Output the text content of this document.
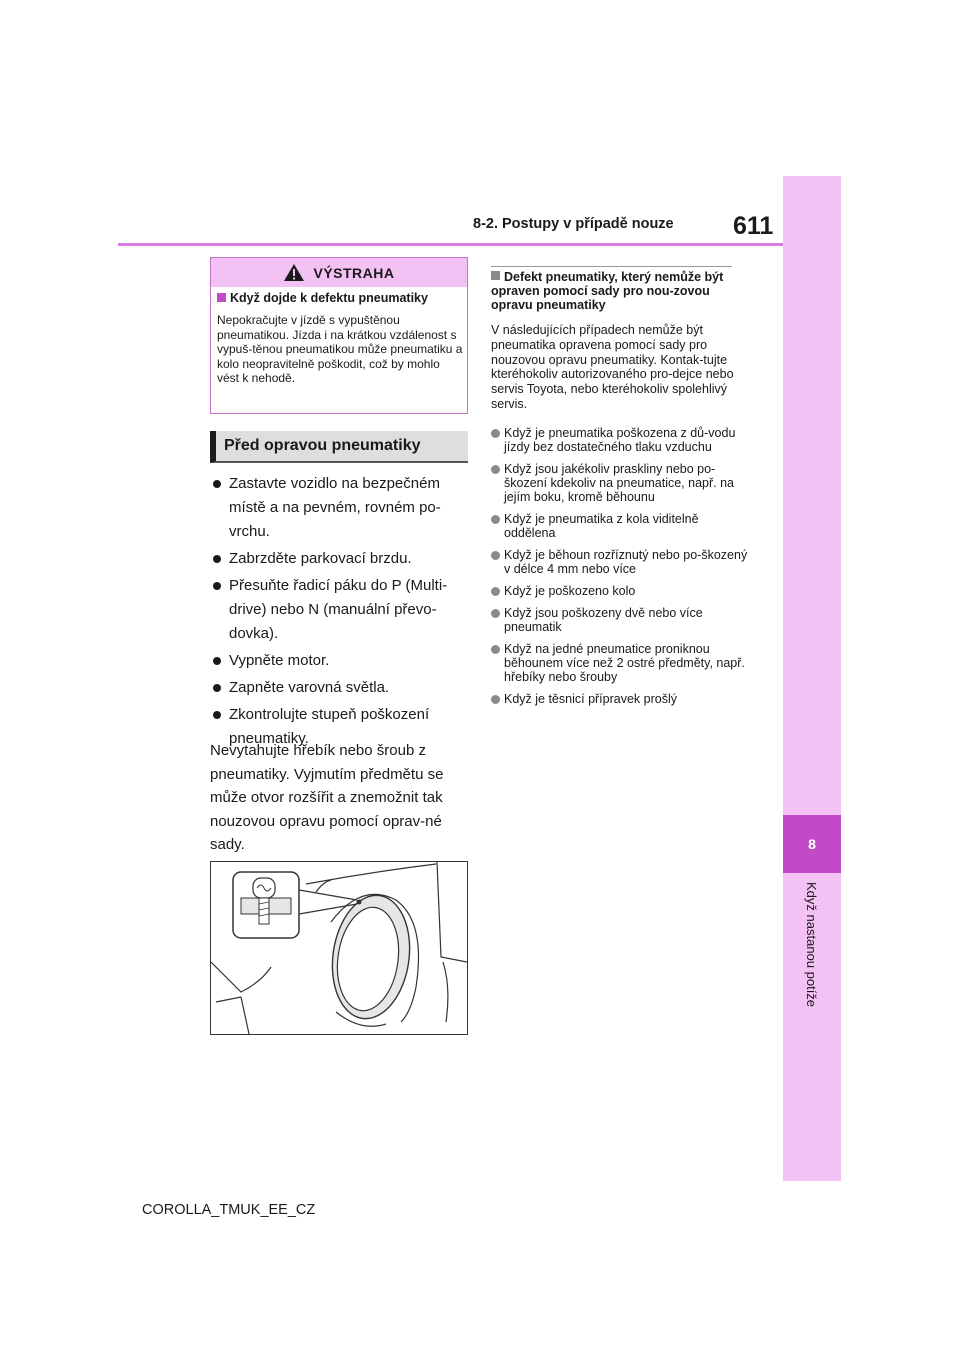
8-2. Postupy v případě nouze 611
8
Když nastanou potíže
VÝSTRAHA
Když dojde k defektu pneumatiky
Nepokračujte v jízdě s vypuštěnou pneumatikou. Jízda i na krátkou vzdálenost s vypuš-těnou pneumatikou může pneumatiku a kolo neopravitelně poškodit, což by mohlo vést k nehodě.
Před opravou pneumatiky
Zastavte vozidlo na bezpečném místě a na pevném, rovném po-vrchu.
Zabrzděte parkovací brzdu.
Přesuňte řadicí páku do P (Multi-drive) nebo N (manuální převo-dovka).
Vypněte motor.
Zapněte varovná světla.
Zkontrolujte stupeň poškození pneumatiky.
Nevytahujte hřebík nebo šroub z pneumatiky. Vyjmutím předmětu se může otvor rozšířit a znemožnit tak nouzovou opravu pomocí oprav-né sady.
Defekt pneumatiky, který nemůže být opraven pomocí sady pro nou-zovou opravu pneumatiky
V následujících případech nemůže být pneumatika opravena pomocí sady pro nouzovou opravu pneumatiky. Kontak-tujte kteréhokoliv autorizovaného pro-dejce nebo servis Toyota, nebo kteréhokoliv spolehlivý servis.
Když je pneumatika poškozena z dů-vodu jízdy bez dostatečného tlaku vzduchu
Když jsou jakékoliv praskliny nebo po-škození kdekoliv na pneumatice, např. na jejím boku, kromě běhounu
Když je pneumatika z kola viditelně oddělena
Když je běhoun rozříznutý nebo po-škozený v délce 4 mm nebo více
Když je poškozeno kolo
Když jsou poškozeny dvě nebo více pneumatik
Když na jedné pneumatice proniknou běhounem více než 2 ostré předměty, např. hřebíky nebo šrouby
Když je těsnicí přípravek prošlý
COROLLA_TMUK_EE_CZ
